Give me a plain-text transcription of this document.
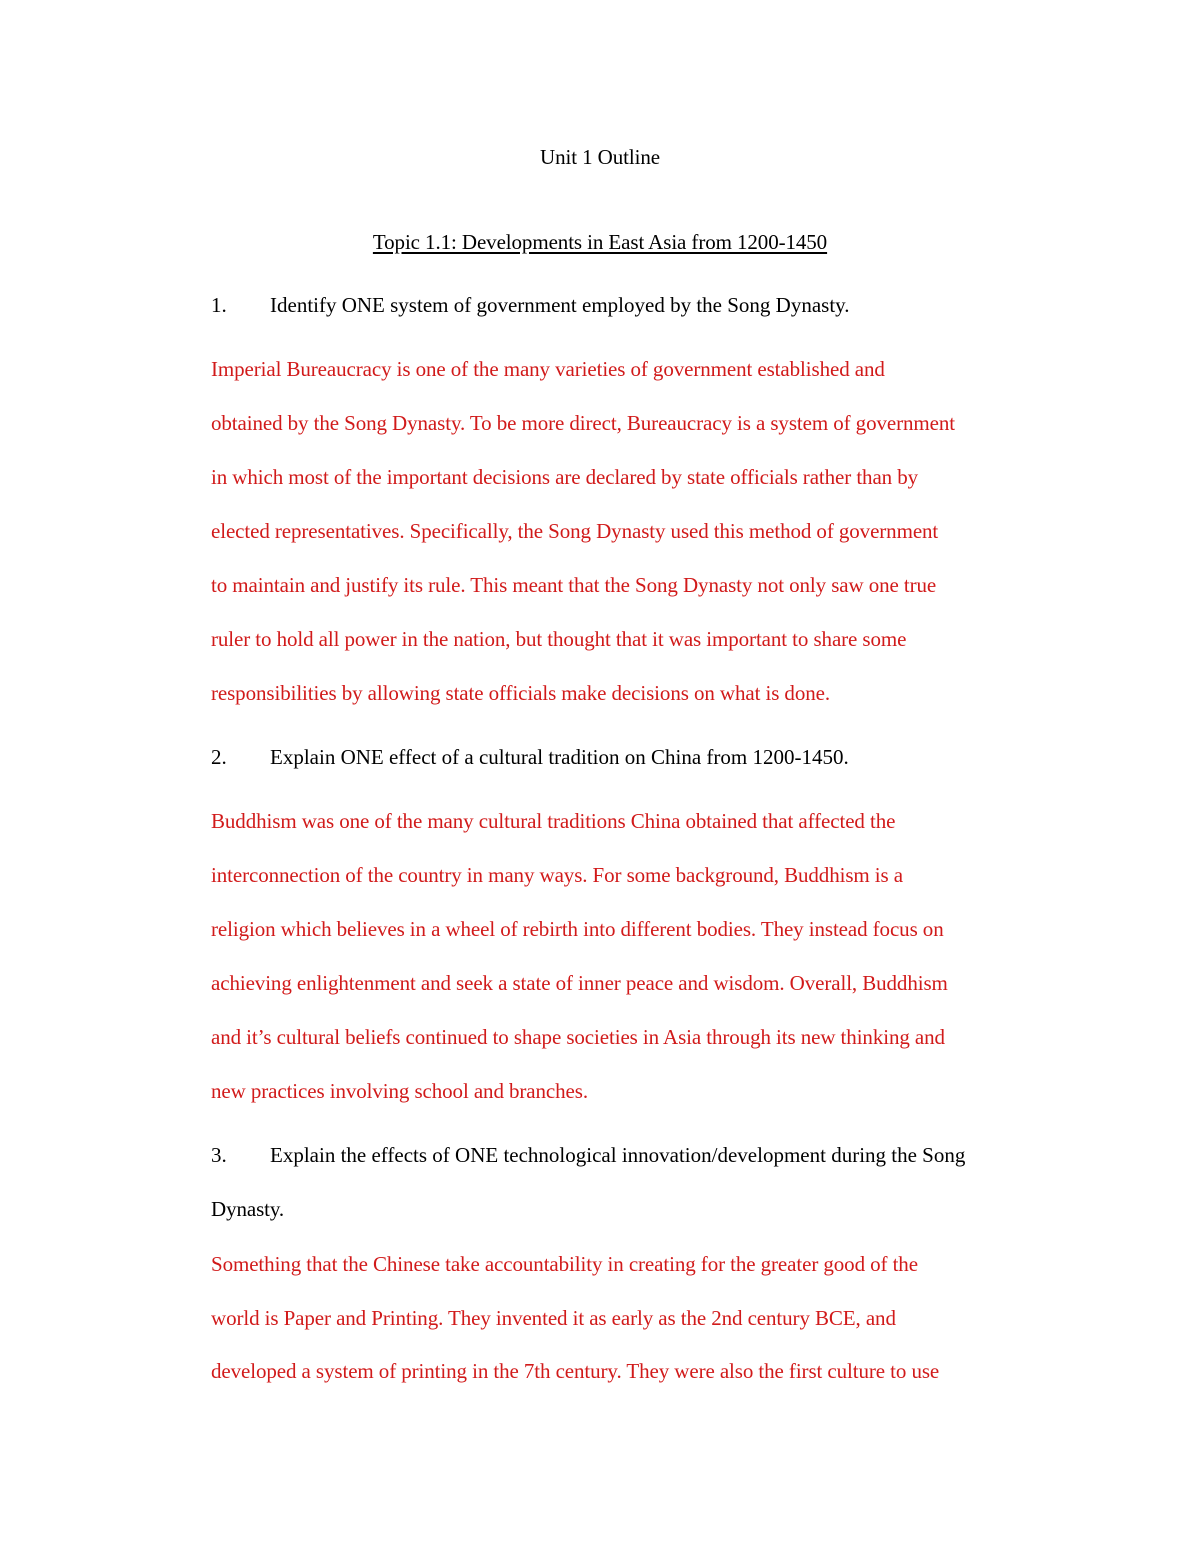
Unit 1 Outline
Topic 1.1: Developments in East Asia from 1200-1450
1. Identify ONE system of government employed by the Song Dynasty.
Imperial Bureaucracy is one of the many varieties of government established and
obtained by the Song Dynasty. To be more direct, Bureaucracy is a system of government
in which most of the important decisions are declared by state officials rather than by
elected representatives. Specifically, the Song Dynasty used this method of government
to maintain and justify its rule. This meant that the Song Dynasty not only saw one true
ruler to hold all power in the nation, but thought that it was important to share some
responsibilities by allowing state officials make decisions on what is done.
2. Explain ONE effect of a cultural tradition on China from 1200-1450.
Buddhism was one of the many cultural traditions China obtained that affected the
interconnection of the country in many ways. For some background, Buddhism is a
religion which believes in a wheel of rebirth into different bodies. They instead focus on
achieving enlightenment and seek a state of inner peace and wisdom. Overall, Buddhism
and it’s cultural beliefs continued to shape societies in Asia through its new thinking and
new practices involving school and branches.
3. Explain the effects of ONE technological innovation/development during the Song
Dynasty.
Something that the Chinese take accountability in creating for the greater good of the
world is Paper and Printing. They invented it as early as the 2nd century BCE, and
developed a system of printing in the 7th century. They were also the first culture to use
